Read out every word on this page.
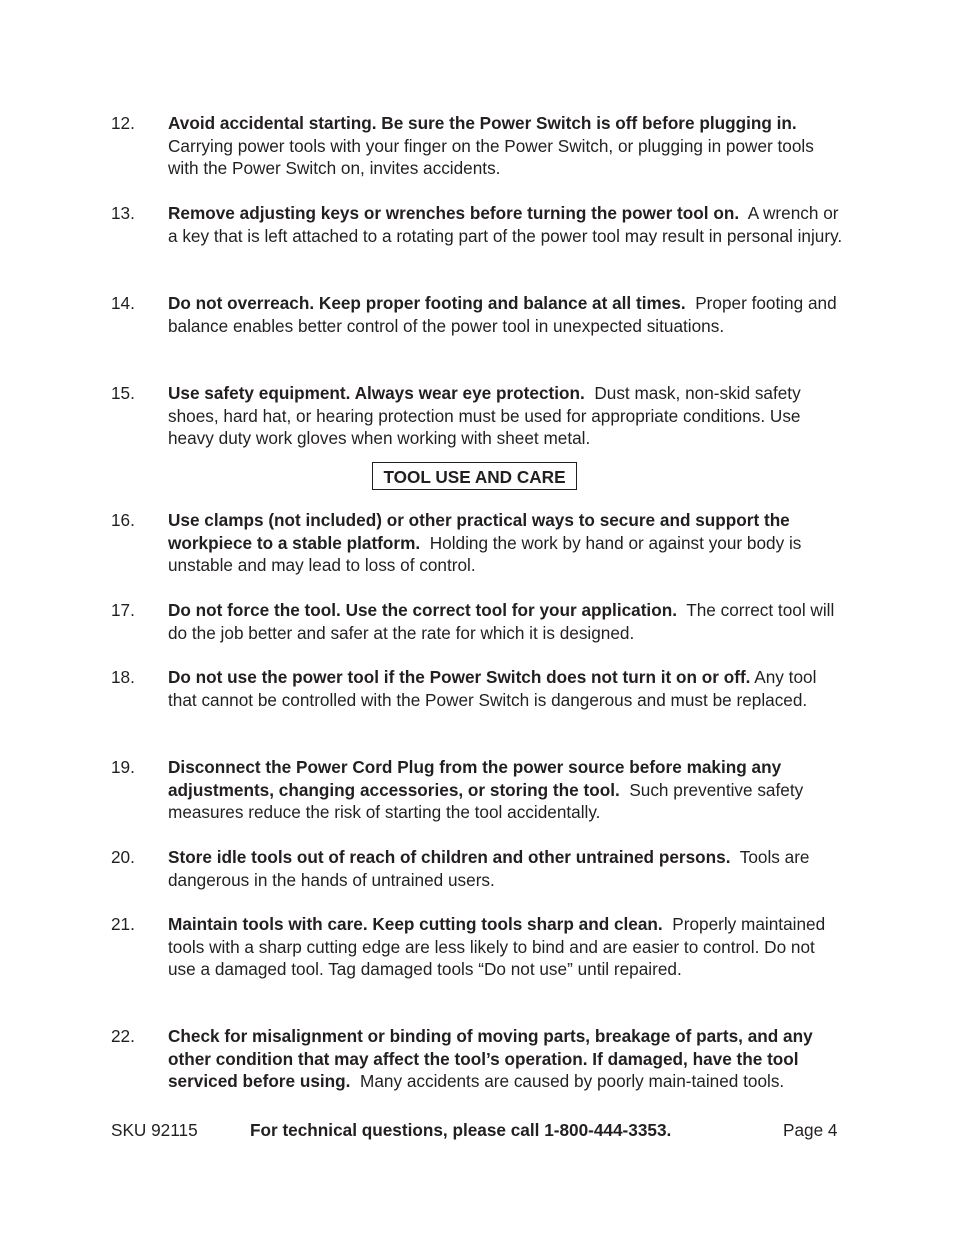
12.	Avoid accidental starting. Be sure the Power Switch is off before plugging in.  Carrying power tools with your finger on the Power Switch, or plugging in power tools with the Power Switch on, invites accidents.
13.	Remove adjusting keys or wrenches before turning the power tool on. A wrench or a key that is left attached to a rotating part of the power tool may result in personal injury.
14.	Do not overreach. Keep proper footing and balance at all times. Proper footing and balance enables better control of the power tool in unexpected situations.
15.	Use safety equipment. Always wear eye protection. Dust mask, non-skid safety shoes, hard hat, or hearing protection must be used for appropriate conditions. Use heavy duty work gloves when working with sheet metal.
TOOL USE AND CARE
16.	Use clamps (not included) or other practical ways to secure and support the workpiece to a stable platform. Holding the work by hand or against your body is unstable and may lead to loss of control.
17.	Do not force the tool. Use the correct tool for your application. The correct tool will do the job better and safer at the rate for which it is designed.
18.	Do not use the power tool if the Power Switch does not turn it on or off. Any tool that cannot be controlled with the Power Switch is dangerous and must be replaced.
19.	Disconnect the Power Cord Plug from the power source before making any adjustments, changing accessories, or storing the tool. Such preventive safety measures reduce the risk of starting the tool accidentally.
20.	Store idle tools out of reach of children and other untrained persons. Tools are dangerous in the hands of untrained users.
21.	Maintain tools with care. Keep cutting tools sharp and clean. Properly maintained tools with a sharp cutting edge are less likely to bind and are easier to control. Do not use a damaged tool. Tag damaged tools “Do not use” until repaired.
22.	Check for misalignment or binding of moving parts, breakage of parts, and any other condition that may affect the tool’s operation. If damaged, have the tool serviced before using. Many accidents are caused by poorly main-tained tools.
SKU 92115	For technical questions, please call 1-800-444-3353.	Page 4
